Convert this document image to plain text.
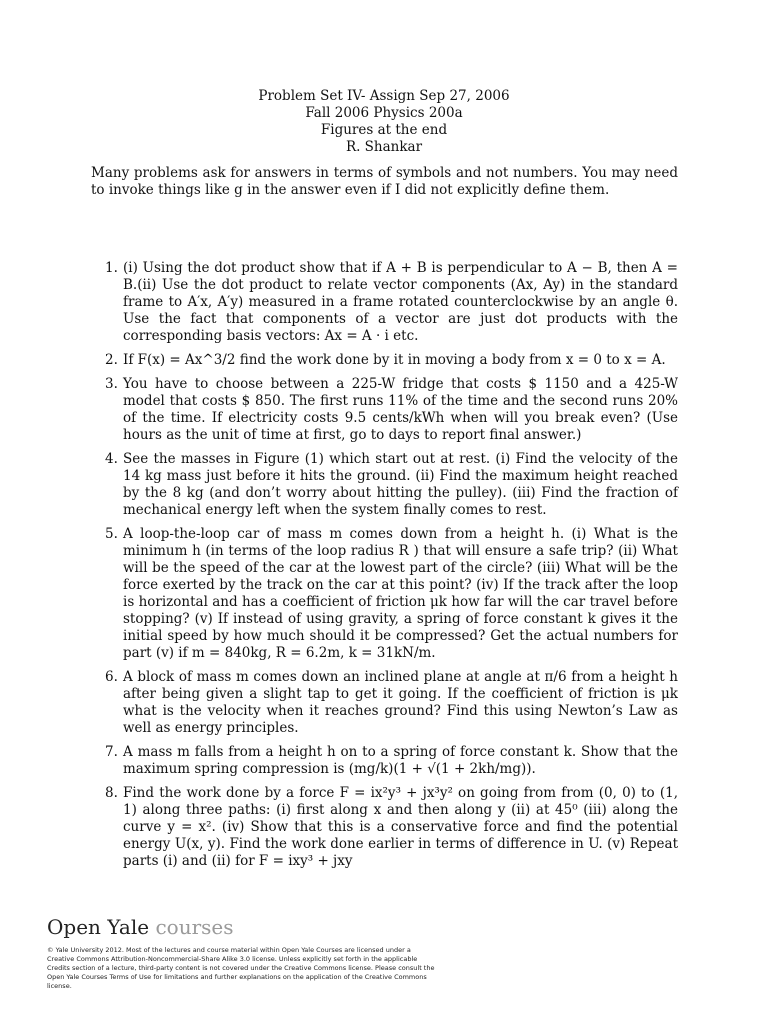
Problem Set IV- Assign Sep 27, 2006
Fall 2006 Physics 200a
Figures at the end
R. Shankar
Many problems ask for answers in terms of symbols and not numbers. You may need to invoke things like g in the answer even if I did not explicitly define them.
1. (i) Using the dot product show that if A + B is perpendicular to A − B, then A = B.(ii) Use the dot product to relate vector components (Ax, Ay) in the standard frame to A′x, A′y) measured in a frame rotated counterclockwise by an angle θ. Use the fact that components of a vector are just dot products with the corresponding basis vectors: Ax = A · i etc.
2. If F(x) = Ax^3/2 find the work done by it in moving a body from x = 0 to x = A.
3. You have to choose between a 225-W fridge that costs $ 1150 and a 425-W model that costs $ 850. The first runs 11% of the time and the second runs 20% of the time. If electricity costs 9.5 cents/kWh when will you break even? (Use hours as the unit of time at first, go to days to report final answer.)
4. See the masses in Figure (1) which start out at rest. (i) Find the velocity of the 14 kg mass just before it hits the ground. (ii) Find the maximum height reached by the 8 kg (and don’t worry about hitting the pulley). (iii) Find the fraction of mechanical energy left when the system finally comes to rest.
5. A loop-the-loop car of mass m comes down from a height h. (i) What is the minimum h (in terms of the loop radius R ) that will ensure a safe trip? (ii) What will be the speed of the car at the lowest part of the circle? (iii) What will be the force exerted by the track on the car at this point? (iv) If the track after the loop is horizontal and has a coefficient of friction μk how far will the car travel before stopping? (v) If instead of using gravity, a spring of force constant k gives it the initial speed by how much should it be compressed? Get the actual numbers for part (v) if m = 840kg, R = 6.2m, k = 31kN/m.
6. A block of mass m comes down an inclined plane at angle at π/6 from a height h after being given a slight tap to get it going. If the coefficient of friction is μk what is the velocity when it reaches ground? Find this using Newton’s Law as well as energy principles.
7. A mass m falls from a height h on to a spring of force constant k. Show that the maximum spring compression is (mg/k)(1 + √(1 + 2kh/mg)).
8. Find the work done by a force F = ix²y³ + jx³y² on going from from (0, 0) to (1, 1) along three paths: (i) first along x and then along y (ii) at 45⁰ (iii) along the curve y = x². (iv) Show that this is a conservative force and find the potential energy U(x, y). Find the work done earlier in terms of difference in U. (v) Repeat parts (i) and (ii) for F = ixy³ + jxy
Open Yale courses
© Yale University 2012. Most of the lectures and course material within Open Yale Courses are licensed under a Creative Commons Attribution-Noncommercial-Share Alike 3.0 license. Unless explicitly set forth in the applicable Credits section of a lecture, third-party content is not covered under the Creative Commons license. Please consult the Open Yale Courses Terms of Use for limitations and further explanations on the application of the Creative Commons license.
